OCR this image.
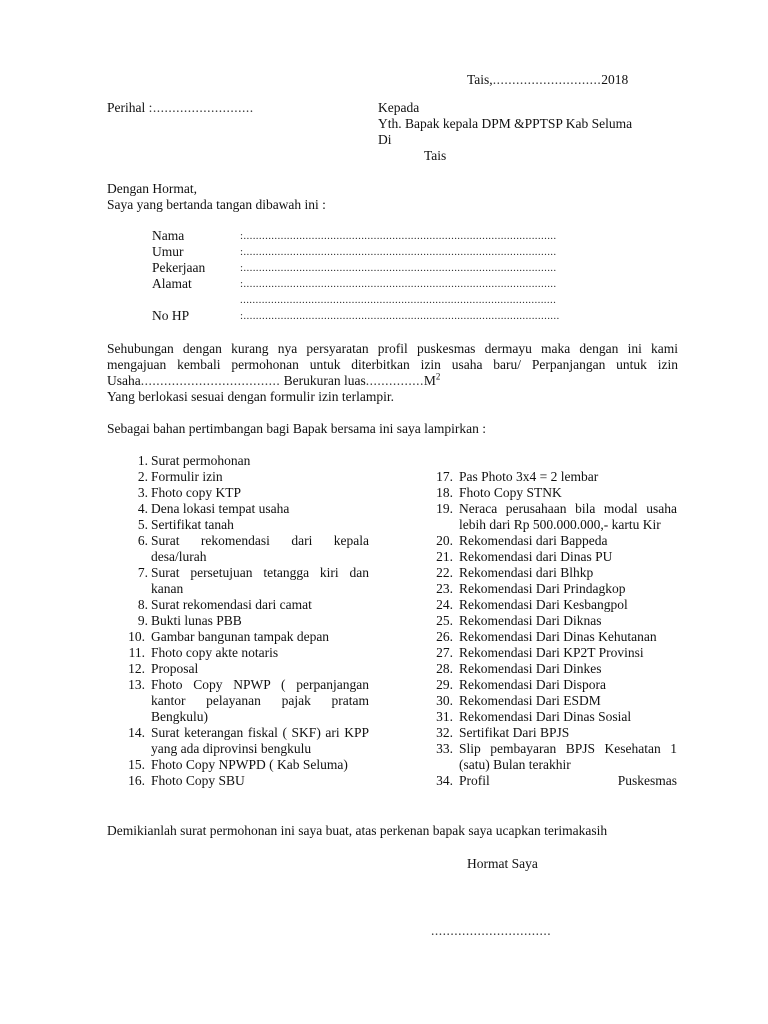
Tais,............................2018
Perihal :..........................	Kepada
Yth. Bapak kepala DPM &PPTSP Kab Seluma
Di
Tais
Dengan Hormat,
Saya yang bertanda tangan dibawah ini :
Nama	:.....................................................................................................
Umur	:.....................................................................................................
Pekerjaan	:.....................................................................................................
Alamat	:.....................................................................................................
	......................................................................................................
No HP	:......................................................................................................
Sehubungan dengan kurang nya persyaratan profil puskesmas dermayu maka dengan ini kami
mengajuan kembali permohonan untuk diterbitkan izin usaha baru/ Perpanjangan untuk izin
Usaha.................................... Berukuran $luas...............M^2$
Yang berlokasi sesuai dengan formulir izin terlampir.
Sebagai bahan pertimbangan bagi Bapak bersama ini saya lampirkan :
1. Surat permohonan
2. Formulir izin
3. Fhoto copy KTP
4. Dena lokasi tempat usaha
5. Sertifikat tanah
6. Surat rekomendasi dari kepala desa/lurah
7. Surat persetujuan tetangga kiri dan kanan
8. Surat rekomendasi dari camat
9. Bukti lunas PBB
10. Gambar bangunan tampak depan
11. Fhoto copy akte notaris
12. Proposal
13. Fhoto Copy NPWP ( perpanjangan kantor pelayanan pajak pratam Bengkulu)
14. Surat keterangan fiskal ( SKF) ari KPP yang ada diprovinsi bengkulu
15. Fhoto Copy NPWPD ( Kab Seluma)
16. Fhoto Copy SBU
17. Pas Photo 3x4 = 2 lembar
18. Fhoto Copy STNK
19. Neraca perusahaan bila modal usaha lebih dari Rp 500.000.000,- kartu Kir
20. Rekomendasi dari Bappeda
21. Rekomendasi dari Dinas PU
22. Rekomendasi dari Blhkp
23. Rekomendasi Dari Prindagkop
24. Rekomendasi Dari Kesbangpol
25. Rekomendasi Dari Diknas
26. Rekomendasi Dari Dinas Kehutanan
27. Rekomendasi Dari KP2T Provinsi
28. Rekomendasi Dari Dinkes
29. Rekomendasi Dari Dispora
30. Rekomendasi Dari ESDM
31. Rekomendasi Dari Dinas Sosial
32. Sertifikat Dari BPJS
33. Slip pembayaran BPJS Kesehatan 1 (satu) Bulan terakhir
34. Profil Puskesmas
Demikianlah surat permohonan ini saya buat, atas perkenan bapak saya ucapkan terimakasih
Hormat Saya
...............................
